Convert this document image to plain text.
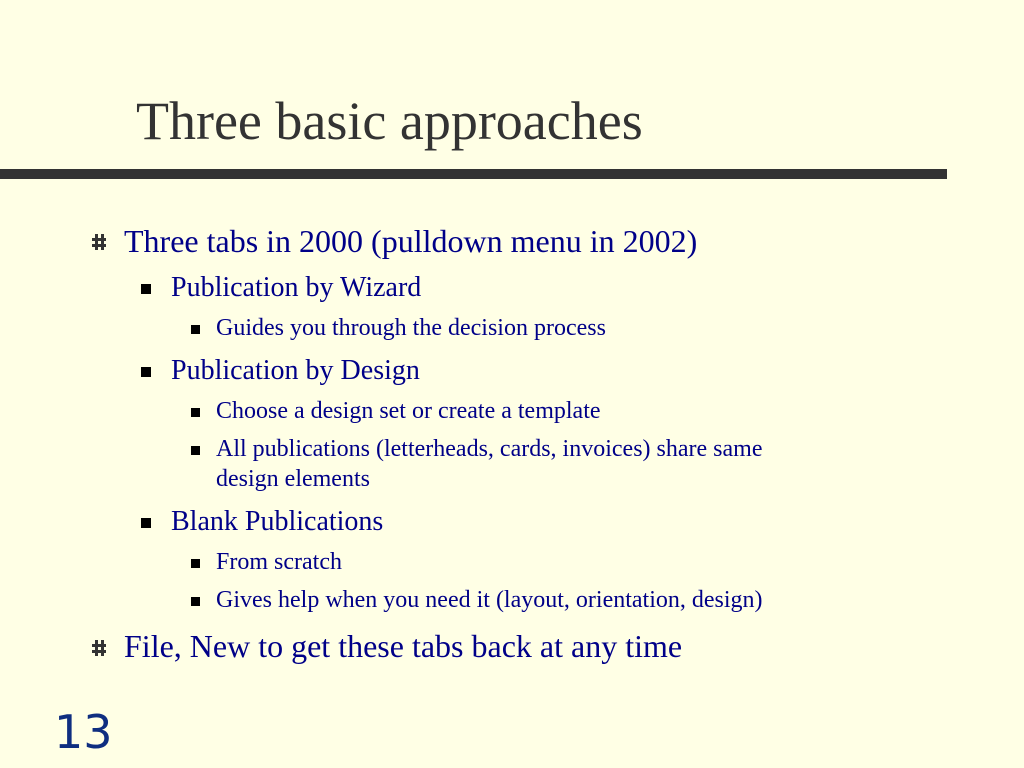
Three basic approaches

Three tabs in 2000 (pulldown menu in 2002)

Publication by Wizard

Guides you through the decision process

Publication by Design

Choose a design set or create a template

All publications (letterheads, cards, invoices) share same

design elements

Blank Publications

From scratch

Gives help when you need it (layout, orientation, design)

File, New to get these tabs back at any time

13
